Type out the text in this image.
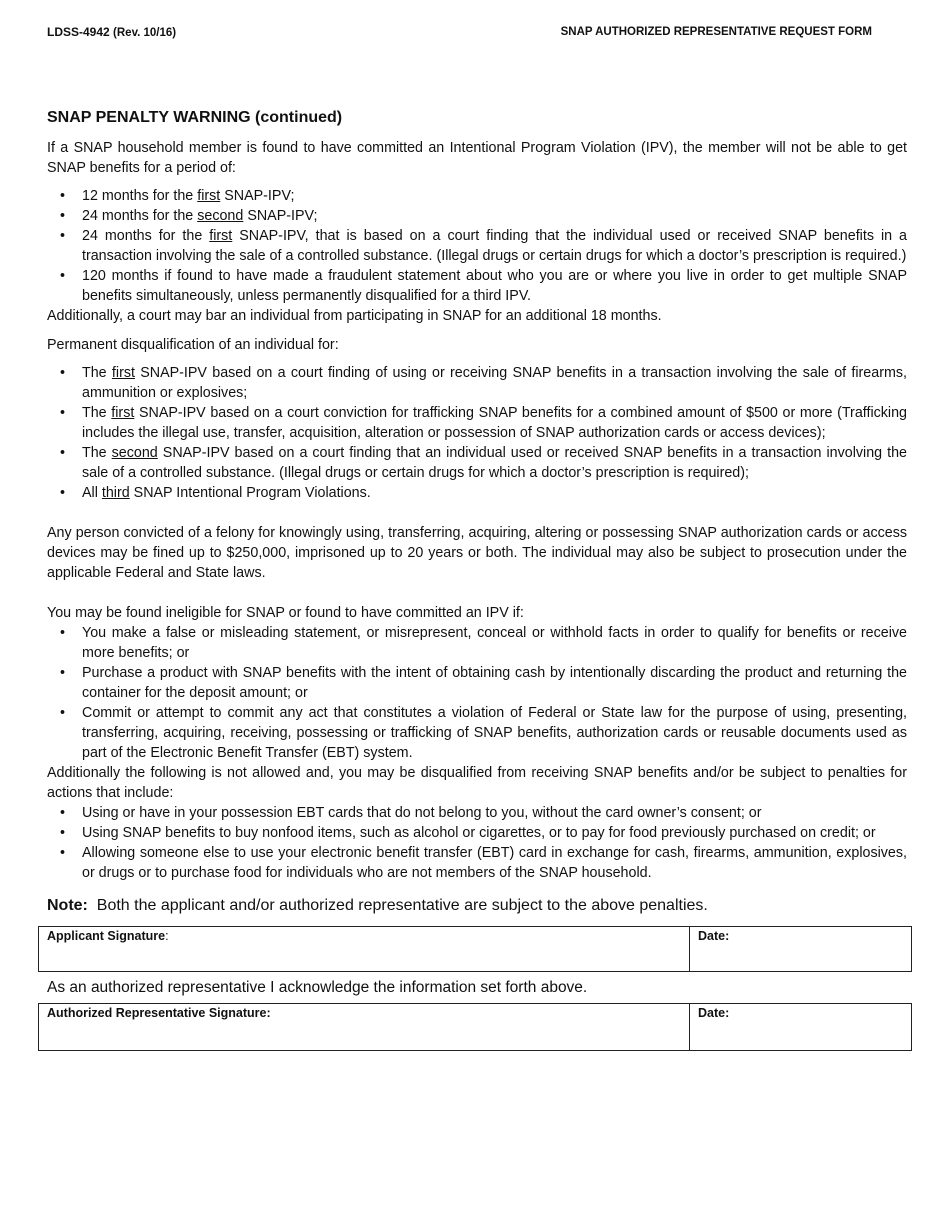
LDSS-4942 (Rev. 10/16)	SNAP AUTHORIZED REPRESENTATIVE REQUEST FORM
SNAP PENALTY WARNING (continued)

If a SNAP household member is found to have committed an Intentional Program Violation (IPV), the member will not be able to get SNAP benefits for a period of:

• 12 months for the first SNAP-IPV;
• 24 months for the second SNAP-IPV;
• 24 months for the first SNAP-IPV, that is based on a court finding that the individual used or received SNAP benefits in a transaction involving the sale of a controlled substance. (Illegal drugs or certain drugs for which a doctor’s prescription is required.)
• 120 months if found to have made a fraudulent statement about who you are or where you live in order to get multiple SNAP benefits simultaneously, unless permanently disqualified for a third IPV.

Additionally, a court may bar an individual from participating in SNAP for an additional 18 months.

Permanent disqualification of an individual for:

• The first SNAP-IPV based on a court finding of using or receiving SNAP benefits in a transaction involving the sale of firearms, ammunition or explosives;
• The first SNAP-IPV based on a court conviction for trafficking SNAP benefits for a combined amount of $500 or more (Trafficking includes the illegal use, transfer, acquisition, alteration or possession of SNAP authorization cards or access devices);
• The second SNAP-IPV based on a court finding that an individual used or received SNAP benefits in a transaction involving the sale of a controlled substance. (Illegal drugs or certain drugs for which a doctor’s prescription is required);
• All third SNAP Intentional Program Violations.

Any person convicted of a felony for knowingly using, transferring, acquiring, altering or possessing SNAP authorization cards or access devices may be fined up to $250,000, imprisoned up to 20 years or both. The individual may also be subject to prosecution under the applicable Federal and State laws.

You may be found ineligible for SNAP or found to have committed an IPV if:

• You make a false or misleading statement, or misrepresent, conceal or withhold facts in order to qualify for benefits or receive more benefits; or
• Purchase a product with SNAP benefits with the intent of obtaining cash by intentionally discarding the product and returning the container for the deposit amount; or
• Commit or attempt to commit any act that constitutes a violation of Federal or State law for the purpose of using, presenting, transferring, acquiring, receiving, possessing or trafficking of SNAP benefits, authorization cards or reusable documents used as part of the Electronic Benefit Transfer (EBT) system.

Additionally the following is not allowed and, you may be disqualified from receiving SNAP benefits and/or be subject to penalties for actions that include:

• Using or have in your possession EBT cards that do not belong to you, without the card owner’s consent; or
• Using SNAP benefits to buy nonfood items, such as alcohol or cigarettes, or to pay for food previously purchased on credit; or
• Allowing someone else to use your electronic benefit transfer (EBT) card in exchange for cash, firearms, ammunition, explosives, or drugs or to purchase food for individuals who are not members of the SNAP household.
Note:  Both the applicant and/or authorized representative are subject to the above penalties.
Applicant Signature:	Date:
As an authorized representative I acknowledge the information set forth above.
Authorized Representative Signature:	Date:
